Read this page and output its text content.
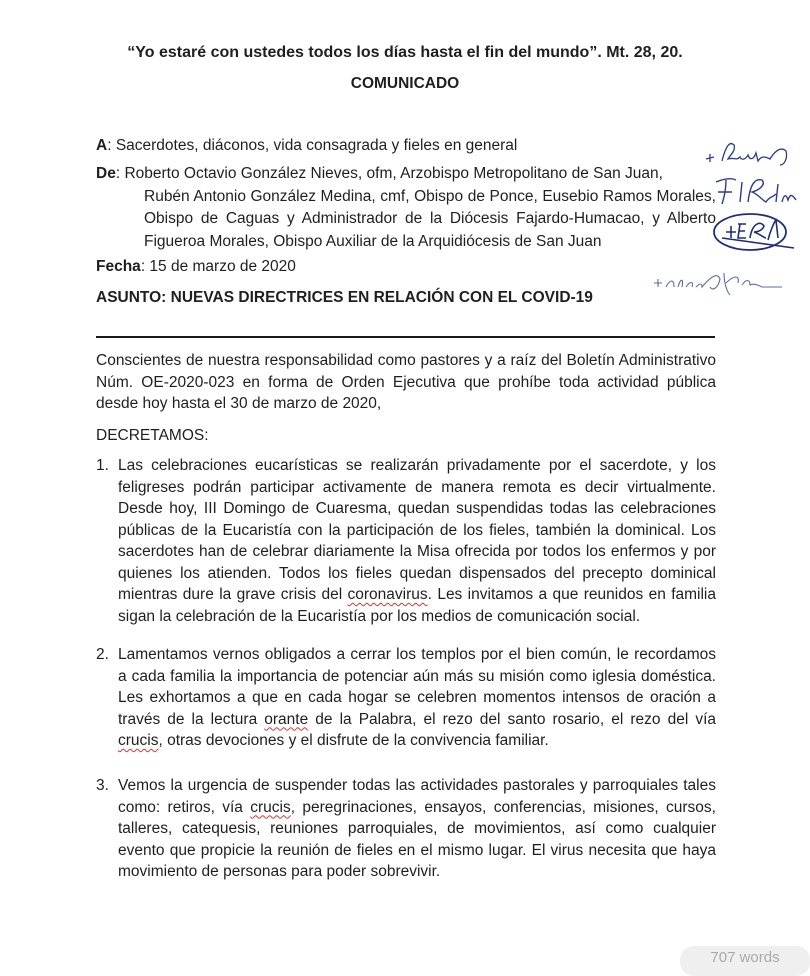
“Yo estaré con ustedes todos los días hasta el fin del mundo”. Mt. 28, 20.
COMUNICADO
A: Sacerdotes, diáconos, vida consagrada y fieles en general
De: Roberto Octavio González Nieves, ofm, Arzobispo Metropolitano de San Juan,
Rubén Antonio González Medina, cmf, Obispo de Ponce, Eusebio Ramos Morales, Obispo de Caguas y Administrador de la Diócesis Fajardo-Humacao, y Alberto Figueroa Morales, Obispo Auxiliar de la Arquidiócesis de San Juan
Fecha: 15 de marzo de 2020
ASUNTO: NUEVAS DIRECTRICES EN RELACIÓN CON EL COVID-19
Conscientes de nuestra responsabilidad como pastores y a raíz del Boletín Administrativo Núm. OE-2020-023 en forma de Orden Ejecutiva que prohíbe toda actividad pública desde hoy hasta el 30 de marzo de 2020,
DECRETAMOS:
1. Las celebraciones eucarísticas se realizarán privadamente por el sacerdote, y los feligreses podrán participar activamente de manera remota es decir virtualmente. Desde hoy, III Domingo de Cuaresma, quedan suspendidas todas las celebraciones públicas de la Eucaristía con la participación de los fieles, también la dominical. Los sacerdotes han de celebrar diariamente la Misa ofrecida por todos los enfermos y por quienes los atienden. Todos los fieles quedan dispensados del precepto dominical mientras dure la grave crisis del coronavirus. Les invitamos a que reunidos en familia sigan la celebración de la Eucaristía por los medios de comunicación social.
2. Lamentamos vernos obligados a cerrar los templos por el bien común, le recordamos a cada familia la importancia de potenciar aún más su misión como iglesia doméstica. Les exhortamos a que en cada hogar se celebren momentos intensos de oración a través de la lectura orante de la Palabra, el rezo del santo rosario, el rezo del vía crucis, otras devociones y el disfrute de la convivencia familiar.
3. Vemos la urgencia de suspender todas las actividades pastorales y parroquiales tales como: retiros, vía crucis, peregrinaciones, ensayos, conferencias, misiones, cursos, talleres, catequesis, reuniones parroquiales, de movimientos, así como cualquier evento que propicie la reunión de fieles en el mismo lugar. El virus necesita que haya movimiento de personas para poder sobrevivir.
707 words
